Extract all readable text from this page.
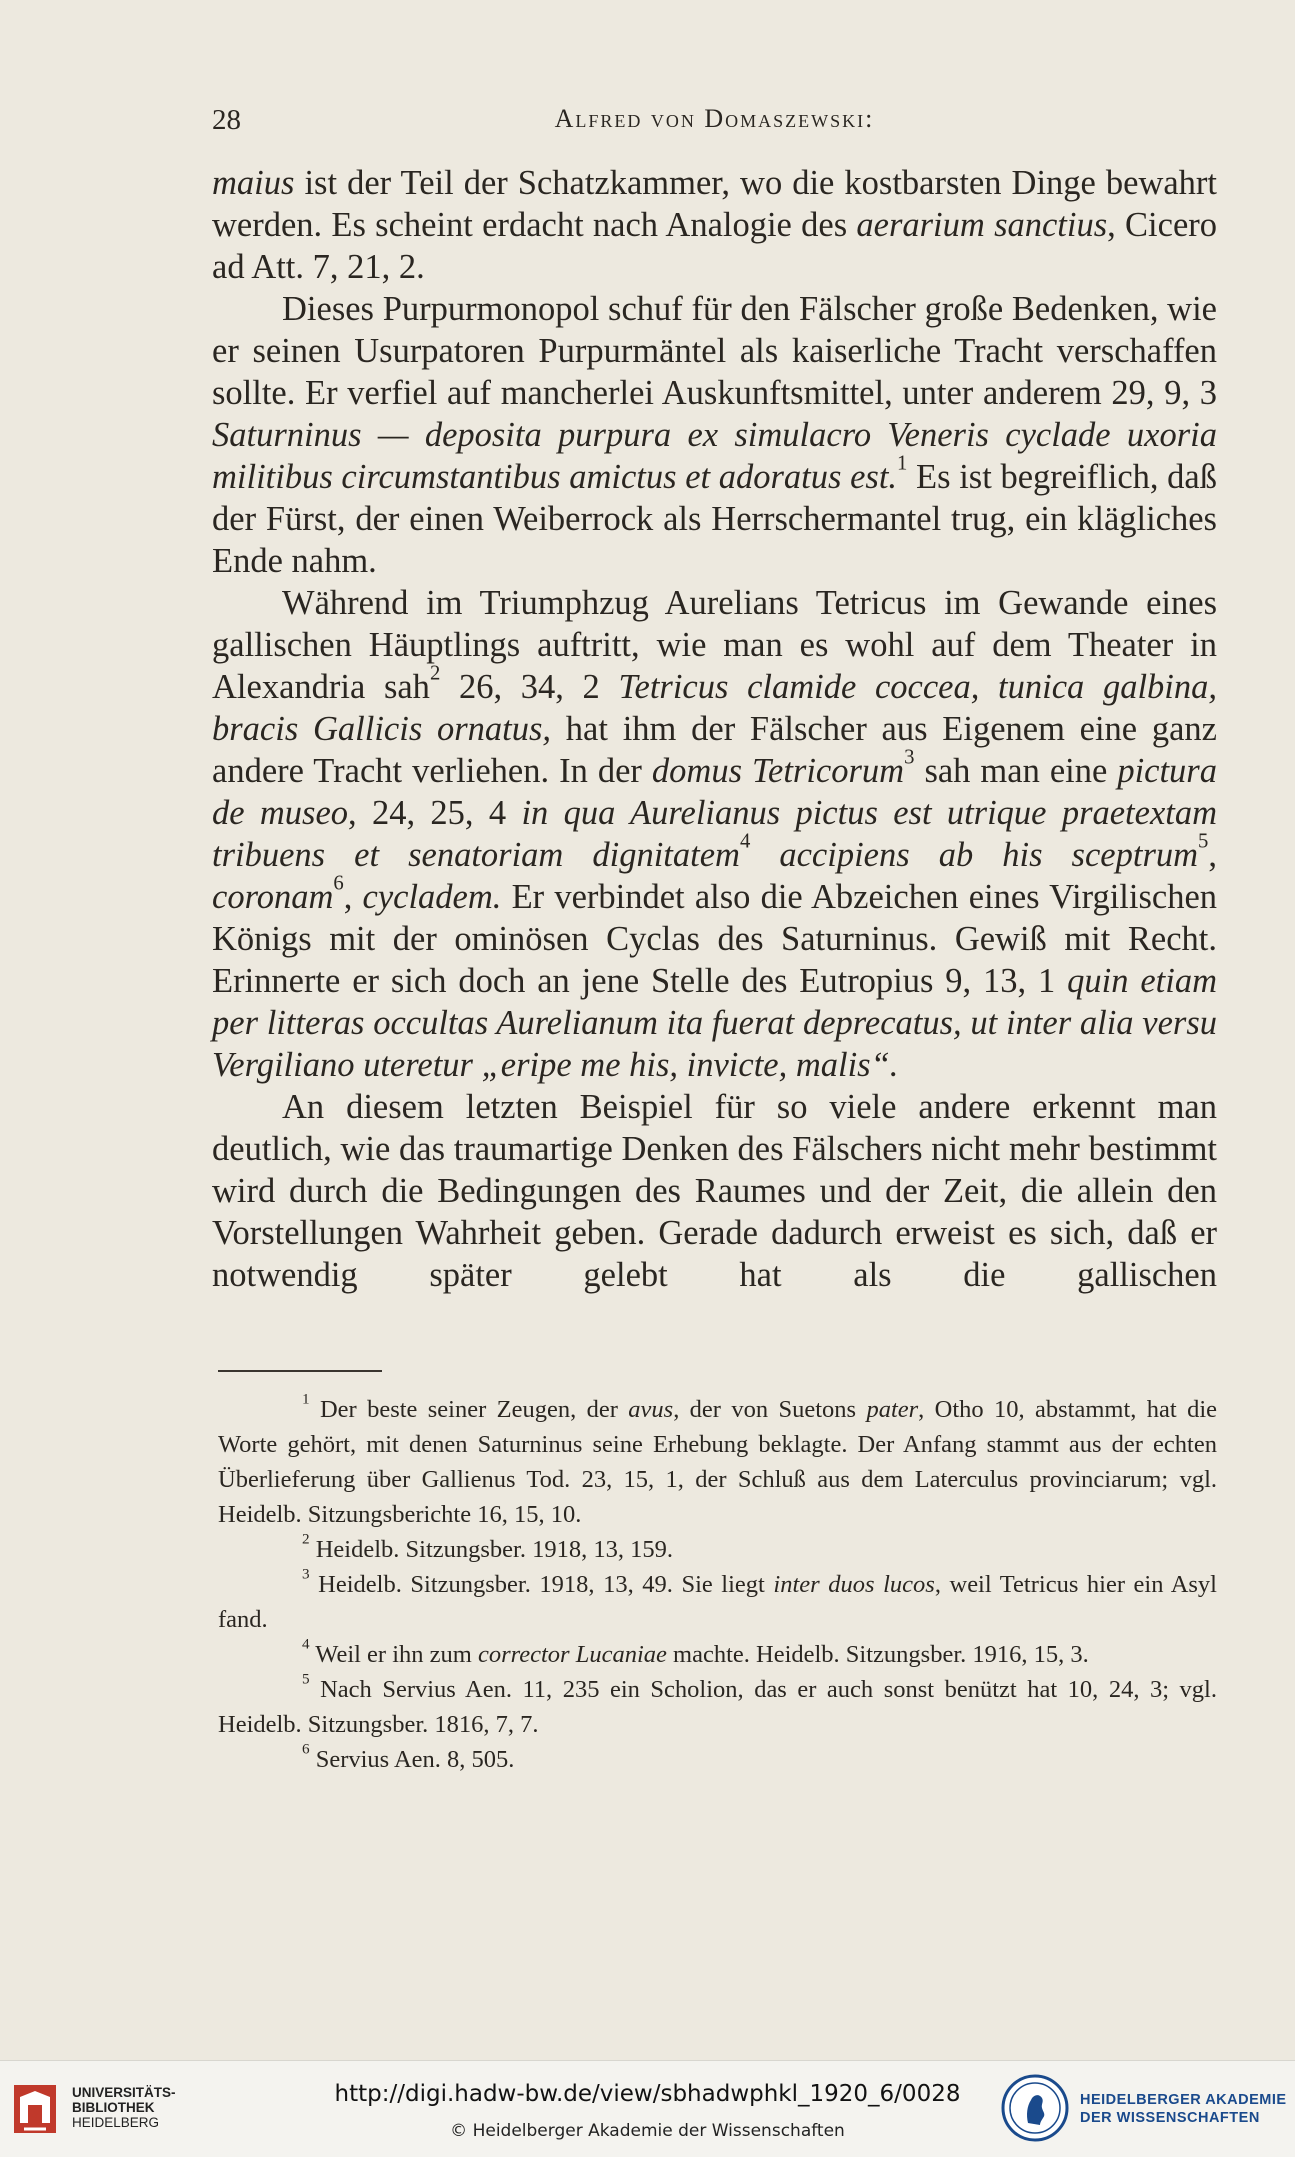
28	Alfred von Domaszewski:

maius ist der Teil der Schatzkammer, wo die kostbarsten Dinge bewahrt werden. Es scheint erdacht nach Analogie des aerarium sanctius, Cicero ad Att. 7, 21, 2.

Dieses Purpurmonopol schuf für den Fälscher große Bedenken, wie er seinen Usurpatoren Purpurmäntel als kaiserliche Tracht verschaffen sollte. Er verfiel auf mancherlei Auskunftsmittel, unter anderem 29, 9, 3 Saturninus — deposita purpura ex simulacro Veneris cyclade uxoria militibus circumstantibus amictus et adoratus est.$^1$ Es ist begreiflich, daß der Fürst, der einen Weiberrock als Herrschermantel trug, ein klägliches Ende nahm.

Während im Triumphzug Aurelians Tetricus im Gewande eines gallischen Häuptlings auftritt, wie man es wohl auf dem Theater in Alexandria sah$^2$ 26, 34, 2 Tetricus clamide coccea, tunica galbina, bracis Gallicis ornatus, hat ihm der Fälscher aus Eigenem eine ganz andere Tracht verliehen. In der domus Tetricorum$^3$ sah man eine pictura de museo, 24, 25, 4 in qua Aurelianus pictus est utrique praetextam tribuens et senatoriam dignitatem$^4$ accipiens ab his sceptrum$^5$, coronam$^6$, cycladem. Er verbindet also die Abzeichen eines Virgilischen Königs mit der ominösen Cyclas des Saturninus. Gewiß mit Recht. Erinnerte er sich doch an jene Stelle des Eutropius 9, 13, 1 quin etiam per litteras occultas Aurelianum ita fuerat deprecatus, ut inter alia versu Vergiliano uteretur „eripe me his, invicte, malis“.

An diesem letzten Beispiel für so viele andere erkennt man deutlich, wie das traumartige Denken des Fälschers nicht mehr bestimmt wird durch die Bedingungen des Raumes und der Zeit, die allein den Vorstellungen Wahrheit geben. Gerade dadurch erweist es sich, daß er notwendig später gelebt hat als die gallischen

$^1$ Der beste seiner Zeugen, der avus, der von Suetons pater, Otho 10, abstammt, hat die Worte gehört, mit denen Saturninus seine Erhebung beklagte. Der Anfang stammt aus der echten Überlieferung über Gallienus Tod. 23, 15, 1, der Schluß aus dem Laterculus provinciarum; vgl. Heidelb. Sitzungsberichte 16, 15, 10.

$^2$ Heidelb. Sitzungsber. 1918, 13, 159.

$^3$ Heidelb. Sitzungsber. 1918, 13, 49. Sie liegt inter duos lucos, weil Tetricus hier ein Asyl fand.

$^4$ Weil er ihn zum corrector Lucaniae machte. Heidelb. Sitzungsber. 1916, 15, 3.

$^5$ Nach Servius Aen. 11, 235 ein Scholion, das er auch sonst benützt hat 10, 24, 3; vgl. Heidelb. Sitzungsber. 1816, 7, 7.

$^6$ Servius Aen. 8, 505.

UNIVERSITÄTS-
BIBLIOTHEK
HEIDELBERG
http://digi.hadw-bw.de/view/sbhadwphkl_1920_6/0028
© Heidelberger Akademie der Wissenschaften
HEIDELBERGER AKADEMIE
DER WISSENSCHAFTEN
